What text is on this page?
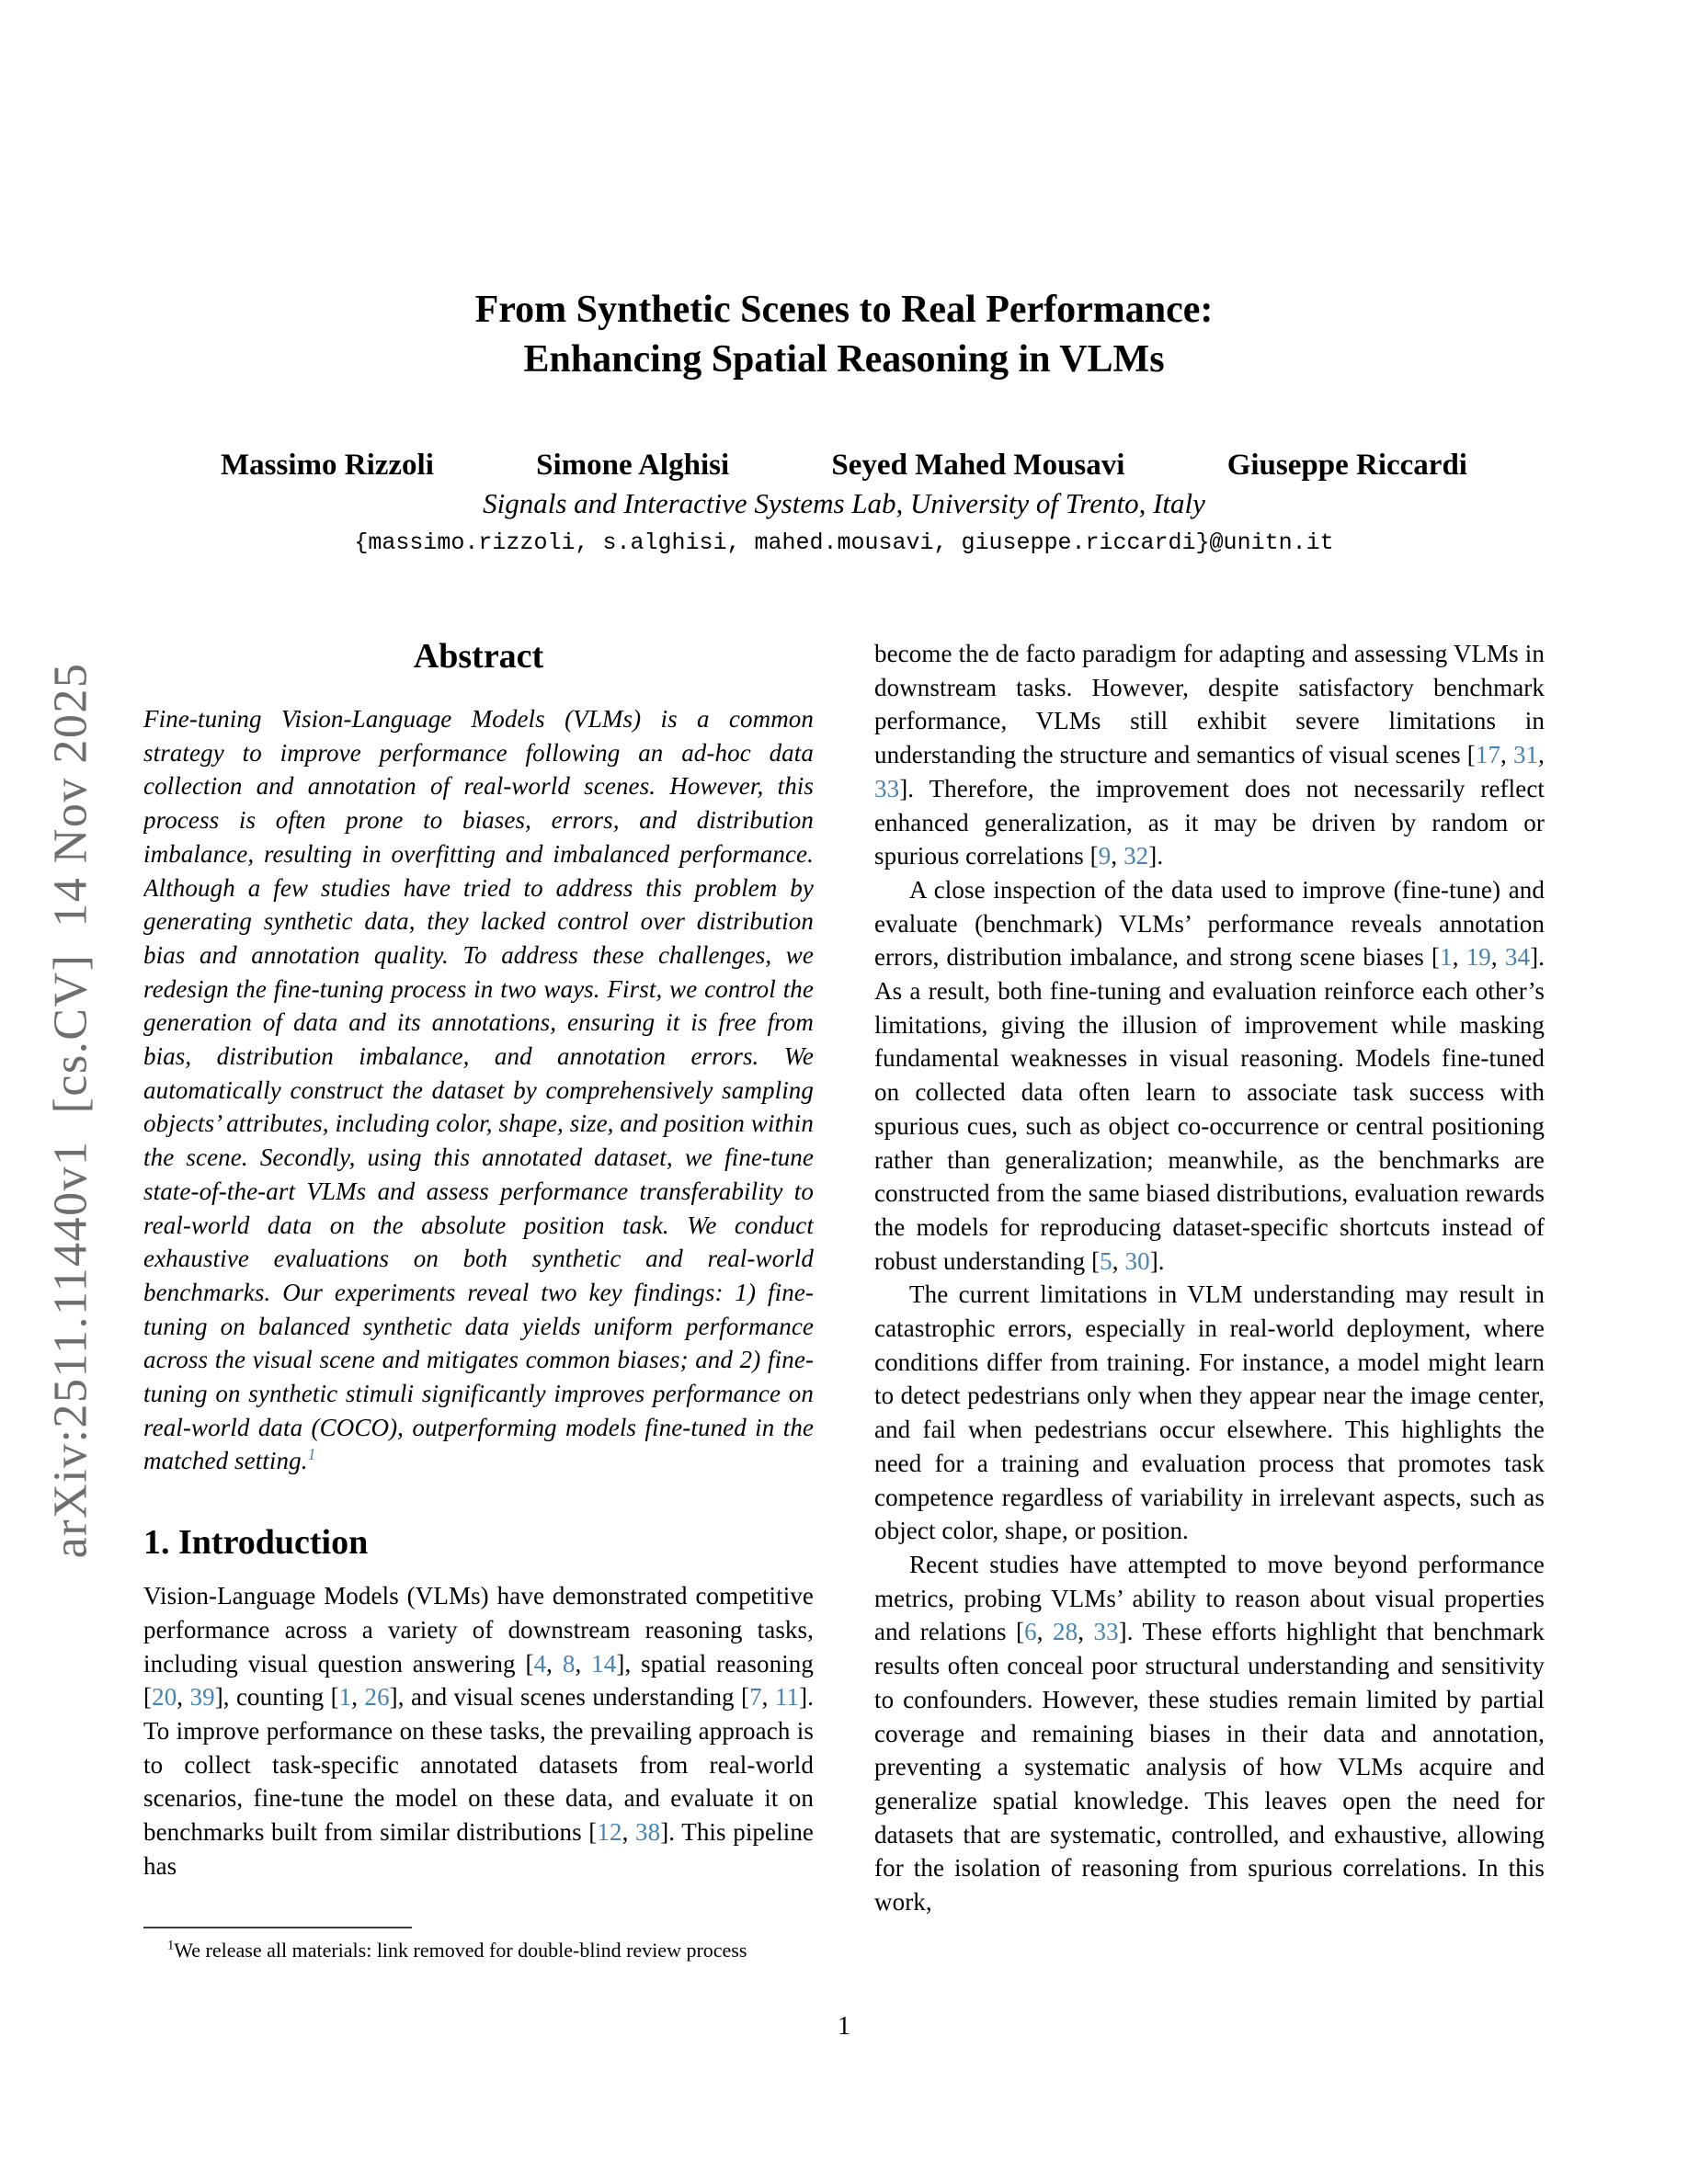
arXiv:2511.11440v1  [cs.CV]  14 Nov 2025
From Synthetic Scenes to Real Performance:
Enhancing Spatial Reasoning in VLMs
Massimo Rizzoli	Simone Alghisi	Seyed Mahed Mousavi	Giuseppe Riccardi
Signals and Interactive Systems Lab, University of Trento, Italy
{massimo.rizzoli, s.alghisi, mahed.mousavi, giuseppe.riccardi}@unitn.it
Abstract

Fine-tuning Vision-Language Models (VLMs) is a common strategy to improve performance following an ad-hoc data collection and annotation of real-world scenes. However, this process is often prone to biases, errors, and distribution imbalance, resulting in overfitting and imbalanced performance. Although a few studies have tried to address this problem by generating synthetic data, they lacked control over distribution bias and annotation quality. To address these challenges, we redesign the fine-tuning process in two ways. First, we control the generation of data and its annotations, ensuring it is free from bias, distribution imbalance, and annotation errors. We automatically construct the dataset by comprehensively sampling objects’ attributes, including color, shape, size, and position within the scene. Secondly, using this annotated dataset, we fine-tune state-of-the-art VLMs and assess performance transferability to real-world data on the absolute position task. We conduct exhaustive evaluations on both synthetic and real-world benchmarks. Our experiments reveal two key findings: 1) fine-tuning on balanced synthetic data yields uniform performance across the visual scene and mitigates common biases; and 2) fine-tuning on synthetic stimuli significantly improves performance on real-world data (COCO), outperforming models fine-tuned in the matched setting.$^1$

1. Introduction

Vision-Language Models (VLMs) have demonstrated competitive performance across a variety of downstream reasoning tasks, including visual question answering [4, 8, 14], spatial reasoning [20, 39], counting [1, 26], and visual scenes understanding [7, 11]. To improve performance on these tasks, the prevailing approach is to collect task-specific annotated datasets from real-world scenarios, fine-tune the model on these data, and evaluate it on benchmarks built from similar distributions [12, 38]. This pipeline has

become the de facto paradigm for adapting and assessing VLMs in downstream tasks. However, despite satisfactory benchmark performance, VLMs still exhibit severe limitations in understanding the structure and semantics of visual scenes [17, 31, 33]. Therefore, the improvement does not necessarily reflect enhanced generalization, as it may be driven by random or spurious correlations [9, 32].

A close inspection of the data used to improve (fine-tune) and evaluate (benchmark) VLMs’ performance reveals annotation errors, distribution imbalance, and strong scene biases [1, 19, 34]. As a result, both fine-tuning and evaluation reinforce each other’s limitations, giving the illusion of improvement while masking fundamental weaknesses in visual reasoning. Models fine-tuned on collected data often learn to associate task success with spurious cues, such as object co-occurrence or central positioning rather than generalization; meanwhile, as the benchmarks are constructed from the same biased distributions, evaluation rewards the models for reproducing dataset-specific shortcuts instead of robust understanding [5, 30].

The current limitations in VLM understanding may result in catastrophic errors, especially in real-world deployment, where conditions differ from training. For instance, a model might learn to detect pedestrians only when they appear near the image center, and fail when pedestrians occur elsewhere. This highlights the need for a training and evaluation process that promotes task competence regardless of variability in irrelevant aspects, such as object color, shape, or position.

Recent studies have attempted to move beyond performance metrics, probing VLMs’ ability to reason about visual properties and relations [6, 28, 33]. These efforts highlight that benchmark results often conceal poor structural understanding and sensitivity to confounders. However, these studies remain limited by partial coverage and remaining biases in their data and annotation, preventing a systematic analysis of how VLMs acquire and generalize spatial knowledge. This leaves open the need for datasets that are systematic, controlled, and exhaustive, allowing for the isolation of reasoning from spurious correlations. In this work,

$^1$We release all materials: link removed for double-blind review process
1
